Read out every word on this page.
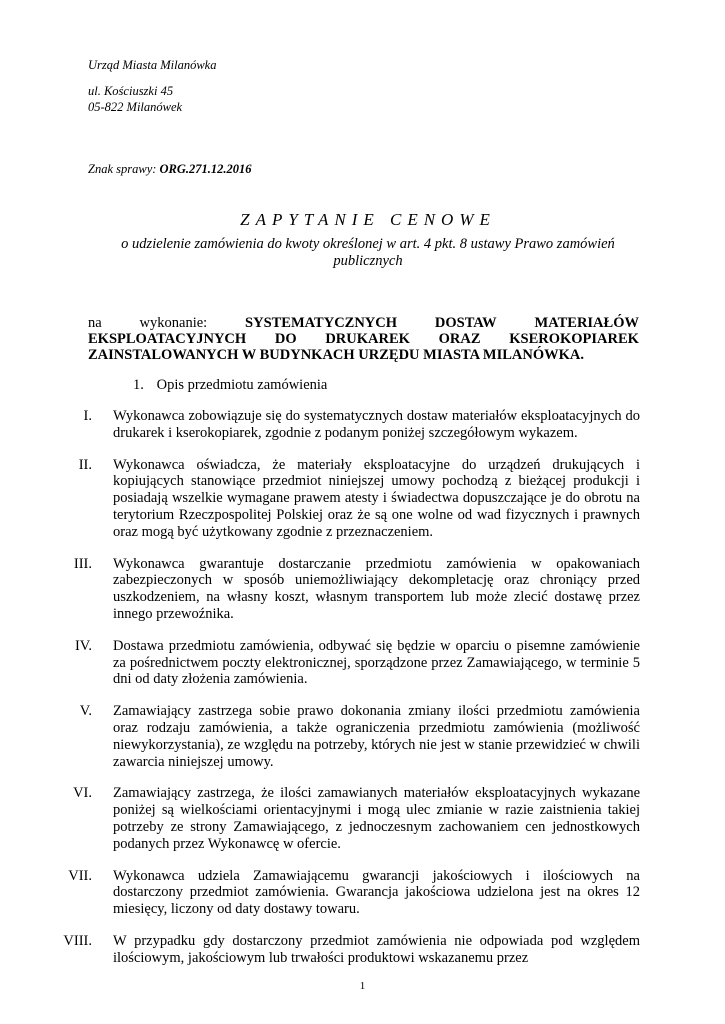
Urząd Miasta Milanówka
ul. Kościuszki 45
05-822 Milanówek
Znak sprawy: ORG.271.12.2016
ZAPYTANIE CENOWE
o udzielenie zamówienia do kwoty określonej w art. 4 pkt. 8 ustawy Prawo zamówień publicznych
na	wykonanie:	SYSTEMATYCZNYCH	DOSTAW	MATERIAŁÓW
EKSPLOATACYJNYCH DO DRUKAREK ORAZ KSEROKOPIAREK
ZAINSTALOWANYCH W BUDYNKACH URZĘDU MIASTA MILANÓWKA.
1. Opis przedmiotu zamówienia
I.	Wykonawca zobowiązuje się do systematycznych dostaw materiałów eksploatacyjnych do drukarek i kserokopiarek, zgodnie z podanym poniżej szczegółowym wykazem.
II.	Wykonawca oświadcza, że materiały eksploatacyjne do urządzeń drukujących i kopiujących stanowiące przedmiot niniejszej umowy pochodzą z bieżącej produkcji i posiadają wszelkie wymagane prawem atesty i świadectwa dopuszczające je do obrotu na terytorium Rzeczpospolitej Polskiej oraz że są one wolne od wad fizycznych i prawnych oraz mogą być użytkowany zgodnie z przeznaczeniem.
III.	Wykonawca gwarantuje dostarczanie przedmiotu zamówienia w opakowaniach zabezpieczonych w sposób uniemożliwiający dekompletację oraz chroniący przed uszkodzeniem, na własny koszt, własnym transportem lub może zlecić dostawę przez innego przewoźnika.
IV.	Dostawa przedmiotu zamówienia, odbywać się będzie w oparciu o pisemne zamówienie za pośrednictwem poczty elektronicznej, sporządzone przez Zamawiającego, w terminie 5 dni od daty złożenia zamówienia.
V.	Zamawiający zastrzega sobie prawo dokonania zmiany ilości przedmiotu zamówienia oraz rodzaju zamówienia, a także ograniczenia przedmiotu zamówienia (możliwość niewykorzystania), ze względu na potrzeby, których nie jest w stanie przewidzieć w chwili zawarcia niniejszej umowy.
VI.	Zamawiający zastrzega, że ilości zamawianych materiałów eksploatacyjnych wykazane poniżej są wielkościami orientacyjnymi i mogą ulec zmianie w razie zaistnienia takiej potrzeby ze strony Zamawiającego, z jednoczesnym zachowaniem cen jednostkowych podanych przez Wykonawcę w ofercie.
VII.	Wykonawca udziela Zamawiającemu gwarancji jakościowych i ilościowych na dostarczony przedmiot zamówienia. Gwarancja jakościowa udzielona jest na okres 12 miesięcy, liczony od daty dostawy towaru.
VIII.	W przypadku gdy dostarczony przedmiot zamówienia nie odpowiada pod względem ilościowym, jakościowym lub trwałości produktowi wskazanemu przez
1
